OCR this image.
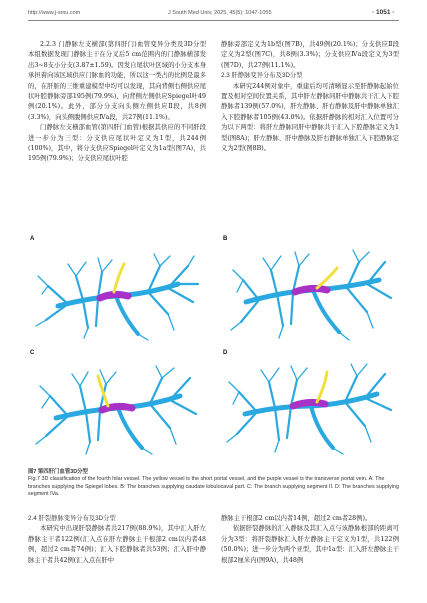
http://www.j-smu.com	J South Med Univ, 2025, 45(5): 1047-1055	· 1051 ·

2.2.3 门静脉左支横部(第四肝门)血管变异分类及3D分型 本组数据发现门静脉主干在分叉后5 cm范围内的门静脉横部发出3~8支小分支(3.87±1.59)。因发自尾状叶区域的小分支本身承担着向该区域供应门脉血的功能，所以这一类占的比例是最多的，在肝脏的三维重建模型中均可以发现，其向背侧右侧供应尾状叶腔静脉旁部195例(79.9%)，向背侧左侧供应Spiegel叶49例(20.1%)。此外，部分分支向头侧左侧供应Ⅱ段，共8例(3.3%)，向头侧腹侧供应Ⅳa段，共27例(11.1%)。

门静脉左支横部血管(第四肝门血管)根据其供应的不同肝段进一步分为三型：分支供应尾状叶定义为1型，共244例(100%)，其中，将分支供应Spiegel叶定义为1a型(图7A)，共195例(79.9%)；分支供应尾状叶腔

静脉旁部定义为1b型(图7B)，共49例(20.1%)；分支供应Ⅱ段定义为2型(图7C)，共8例(3.3%)；分支供应Ⅳa段定义为3型(图7D)，共27例(11.1%)。

2.3 肝静脉变异分布及3D分型

本研究244例对象中，重建后均可清晰显示至肝静脉起始位置及相对空间位置关系，其中肝左静脉同肝中静脉共干汇入下腔静脉者139例(57.0%)，肝左静脉、肝右静脉及肝中静脉单独汇入下腔静脉者105例(43.0%)。依据肝静脉的相对汇入位置可分为以下两型：将肝左静脉同肝中静脉共干汇入下腔静脉定义为1型(图8A)；肝左静脉、肝中静脉及肝右静脉单独汇入下腔静脉定义为2型(图8B)。

A	B
C	D
图7 第四肝门血管3D分型
Fig.7 3D classification of the fourth hilar vessel. The yellow vessel is the short portal vessel, and the purple vessel is the transverse portal vein. A: The branches supplying the Spiegel lobes. B: The branches supplying caudate lobulocaval part. C: The branch supplying segment II. D: The branches supplying segment IVa.

2.4 肝裂静脉变异分布及3D分型

本研究中出现肝裂静脉者共217例(88.9%)，其中汇入肝左静脉主干者122例(汇入点在肝左静脉主干根部2 cm以内者48例，超过2 cm者74例)；汇入下腔静脉者共53例；汇入肝中静脉主干者共42例(汇入点在肝中

静脉主干根部2 cm以内者14例，超过2 cm者28例)。

依据肝裂静脉的汇入静脉及其汇入点与该静脉根部的距离可分为3型：将肝裂静脉汇入肝左静脉主干定义为1型，共122例(50.0%)；进一步分为两个亚型，其中1a型：汇入肝左静脉主干根部2厘米内(图9A)，共48例
